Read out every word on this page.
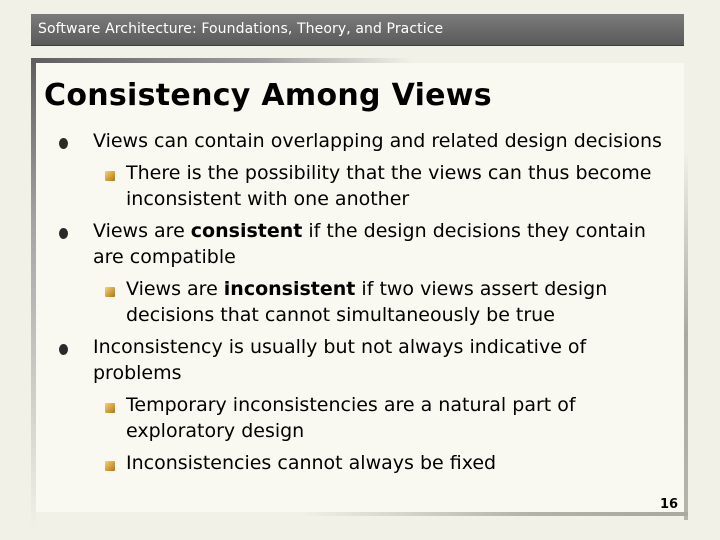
Software Architecture: Foundations, Theory, and Practice
Consistency Among Views
Views can contain overlapping and related design decisions
There is the possibility that the views can thus become inconsistent with one another
Views are consistent if the design decisions they contain are compatible
Views are inconsistent if two views assert design decisions that cannot simultaneously be true
Inconsistency is usually but not always indicative of problems
Temporary inconsistencies are a natural part of exploratory design
Inconsistencies cannot always be fixed
16
